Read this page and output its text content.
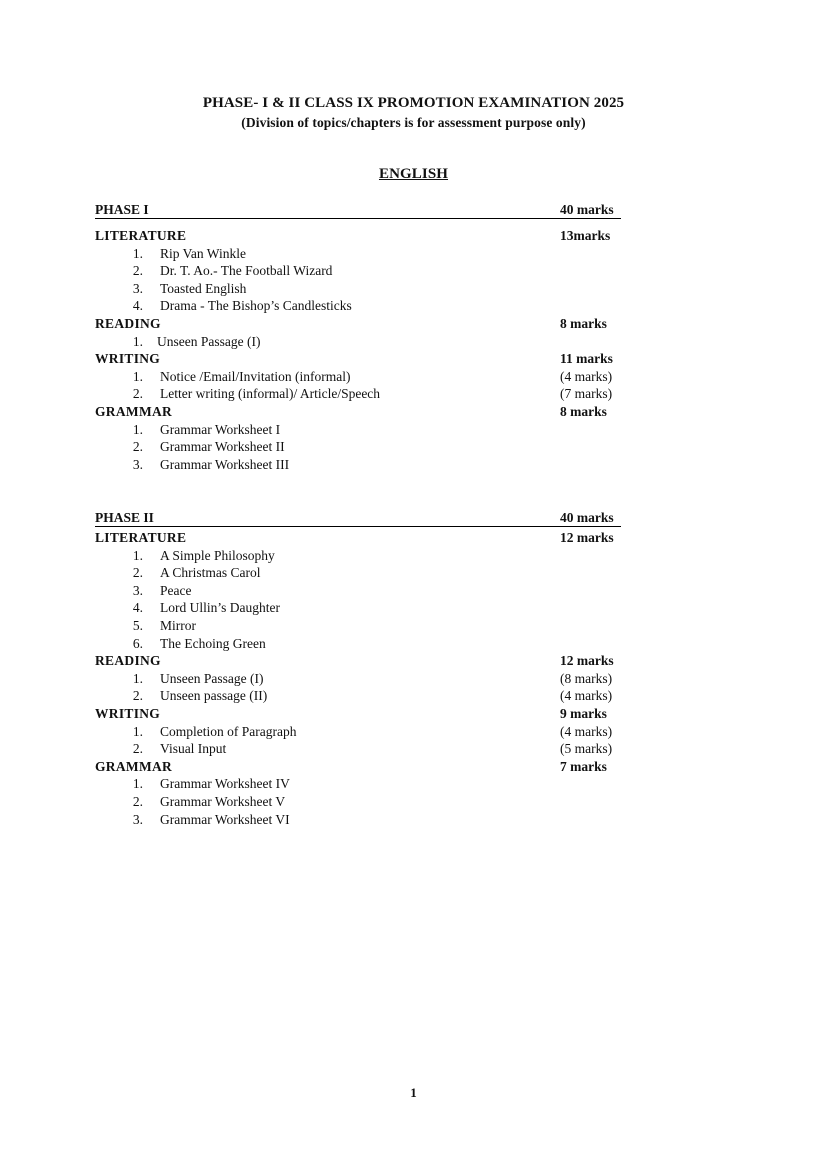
PHASE- I & II CLASS IX PROMOTION EXAMINATION 2025
(Division of topics/chapters is for assessment purpose only)
ENGLISH
PHASE I	40 marks
LITERATURE	13marks
1. Rip Van Winkle
2. Dr. T. Ao.- The Football Wizard
3. Toasted English
4. Drama - The Bishop’s Candlesticks
READING	8 marks
1. Unseen Passage (I)
WRITING	11 marks
1. Notice /Email/Invitation (informal)	(4 marks)
2. Letter writing (informal)/ Article/Speech	(7 marks)
GRAMMAR	8 marks
1. Grammar Worksheet I
2. Grammar Worksheet II
3. Grammar Worksheet III
PHASE II	40 marks
LITERATURE	12 marks
1. A Simple Philosophy
2. A Christmas Carol
3. Peace
4. Lord Ullin’s Daughter
5. Mirror
6. The Echoing Green
READING	12 marks
1. Unseen Passage (I)	(8 marks)
2. Unseen passage (II)	(4 marks)
WRITING	9 marks
1. Completion of Paragraph	(4 marks)
2. Visual Input	(5 marks)
GRAMMAR	7 marks
1. Grammar Worksheet IV
2. Grammar Worksheet V
3. Grammar Worksheet VI
1
